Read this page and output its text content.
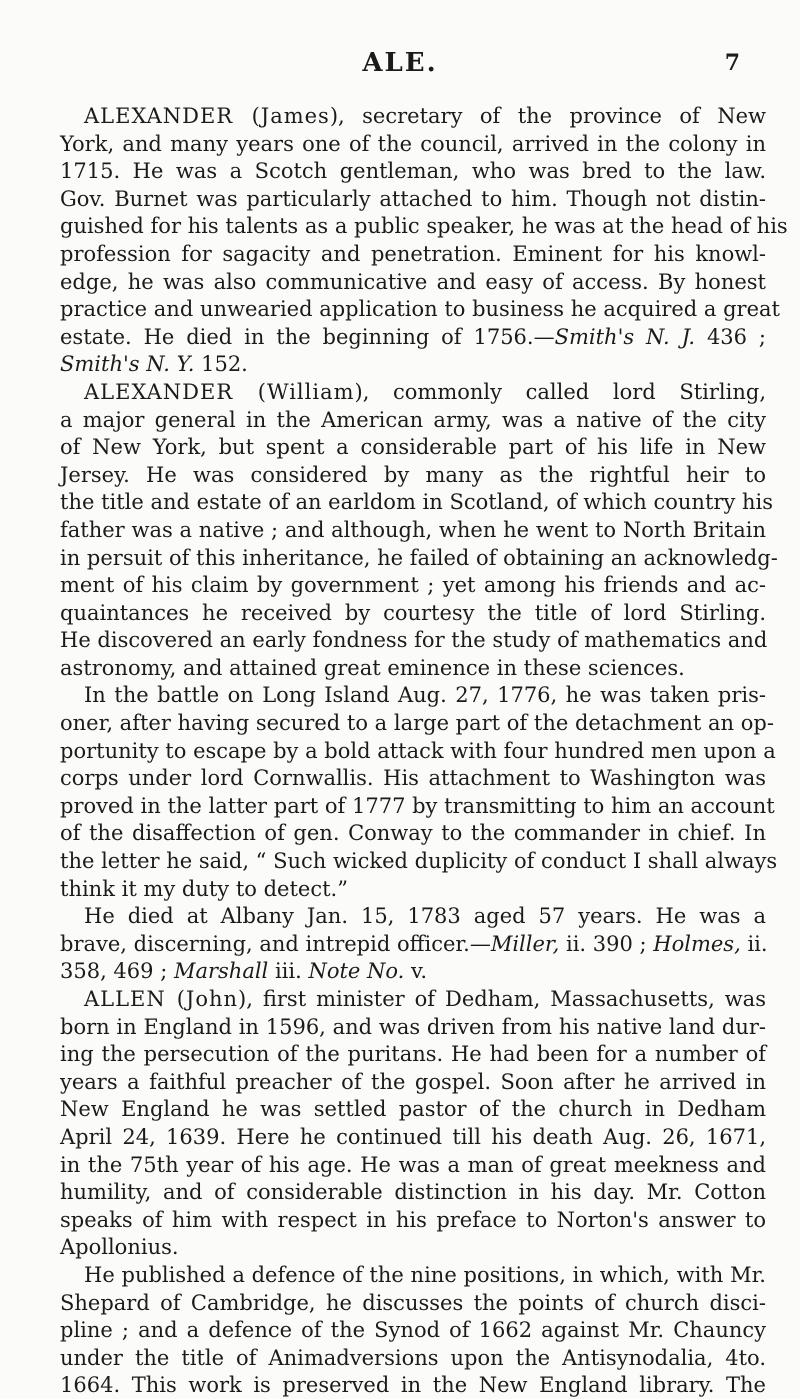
ALE.	7
ALEXANDER (James), secretary of the province of New
York, and many years one of the council, arrived in the colony in
1715. He was a Scotch gentleman, who was bred to the law.
Gov. Burnet was particularly attached to him. Though not distin-
guished for his talents as a public speaker, he was at the head of his
profession for sagacity and penetration. Eminent for his knowl-
edge, he was also communicative and easy of access. By honest
practice and unwearied application to business he acquired a great
estate. He died in the beginning of 1756.—Smith's N. J. 436 ;
Smith's N. Y. 152.
ALEXANDER (William), commonly called lord Stirling,
a major general in the American army, was a native of the city
of New York, but spent a considerable part of his life in New
Jersey. He was considered by many as the rightful heir to
the title and estate of an earldom in Scotland, of which country his
father was a native ; and although, when he went to North Britain
in persuit of this inheritance, he failed of obtaining an acknowledg-
ment of his claim by government ; yet among his friends and ac-
quaintances he received by courtesy the title of lord Stirling.
He discovered an early fondness for the study of mathematics and
astronomy, and attained great eminence in these sciences.
In the battle on Long Island Aug. 27, 1776, he was taken pris-
oner, after having secured to a large part of the detachment an op-
portunity to escape by a bold attack with four hundred men upon a
corps under lord Cornwallis. His attachment to Washington was
proved in the latter part of 1777 by transmitting to him an account
of the disaffection of gen. Conway to the commander in chief. In
the letter he said, “ Such wicked duplicity of conduct I shall always
think it my duty to detect.”
He died at Albany Jan. 15, 1783 aged 57 years. He was a
brave, discerning, and intrepid officer.—Miller, ii. 390 ; Holmes, ii.
358, 469 ; Marshall iii. Note No. v.
ALLEN (John), first minister of Dedham, Massachusetts, was
born in England in 1596, and was driven from his native land dur-
ing the persecution of the puritans. He had been for a number of
years a faithful preacher of the gospel. Soon after he arrived in
New England he was settled pastor of the church in Dedham
April 24, 1639. Here he continued till his death Aug. 26, 1671,
in the 75th year of his age. He was a man of great meekness and
humility, and of considerable distinction in his day. Mr. Cotton
speaks of him with respect in his preface to Norton's answer to
Apollonius.
He published a defence of the nine positions, in which, with Mr.
Shepard of Cambridge, he discusses the points of church disci-
pline ; and a defence of the Synod of 1662 against Mr. Chauncy
under the title of Animadversions upon the Antisynodalia, 4to.
1664. This work is preserved in the New England library. The
